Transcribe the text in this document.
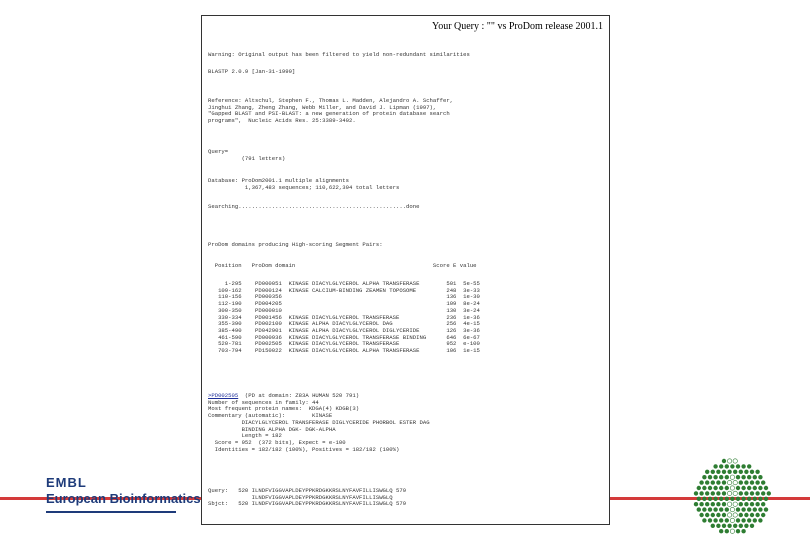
EMBL
European Bioinformatics
Your Query : "" vs ProDom release 2001.1
Warning: Original output has been filtered to yield non-redundant similarities
BLASTP 2.0.9 [Jan-31-1999]
Reference: Altschul, Stephen F., Thomas L. Madden, Alejandro A. Schaffer,
Jinghui Zhang, Zheng Zhang, Webb Miller, and David J. Lipman (1997),
"Gapped BLAST and PSI-BLAST: a new generation of protein database search
programs",  Nucleic Acids Res. 25:3389-3402.
Query=
(791 letters)
Database: ProDom2001.1 multiple alignments
1,367,483 sequences; 110,622,394 total letters
Searching..................................................done
ProDom domains producing High-scoring Segment Pairs:
Position   ProDom domain                                         Score E value
1-295    PD000051  KINASE DIACYLGLYCEROL ALPHA TRANSFERASE        501  5e-55
109-162    PD000124  KINASE CALCIUM-BINDING ZEAMEN TOPOSOME         248  3e-33
110-156    PD000356                                                 136  1e-30
112-190    PD004205                                                 109  8e-24
300-350    PD000010                                                 130  3e-24
330-334    PD001456  KINASE DIACYLGLYCEROL TRANSFERASE              236  1e-36
355-390    PD002100  KINASE ALPHA DIACYLGLYCEROL DAG                256  4e-15
385-490    PD042901  KINASE ALPHA DIACYLGLYCEROL DIGLYCERIDE        126  3e-36
461-590    PD000936  KINASE DIACYLGLYCEROL TRANSFERASE BINDING      646  6e-67
520-781    PD002505  KINASE DIACYLGLYCEROL TRANSFERASE              952  e-100
703-794    PD150022  KINASE DIACYLGLYCEROL ALPHA TRANSFERASE        106  1e-15
>PD002505  (PD at domain: Z83A HUMAN 520 791)
Number of sequences in family: 44
Most frequent protein names:  KDGA(4) KDGB(3)
Commentary (automatic):        KINASE
DIACYLGLYCEROL TRANSFERASE DIGLYCERIDE PHORBOL ESTER DAG
BINDING ALPHA DGK- DGK-ALPHA
Length = 182
Score = 952  (372 bits), Expect = e-100
Identities = 182/182 (100%), Positives = 182/182 (100%)
Query:   520 ILNDFVIGGVAPLDEYPPKRDGKKRSLNYFAVFILLISWGLQ 579
ILNDFVIGGVAPLDEYPPKRDGKKRSLNYFAVFILLISWGLQ
Sbjct:   520 ILNDFVIGGVAPLDEYPPKRDGKKRSLNYFAVFILLISWGLQ 579
